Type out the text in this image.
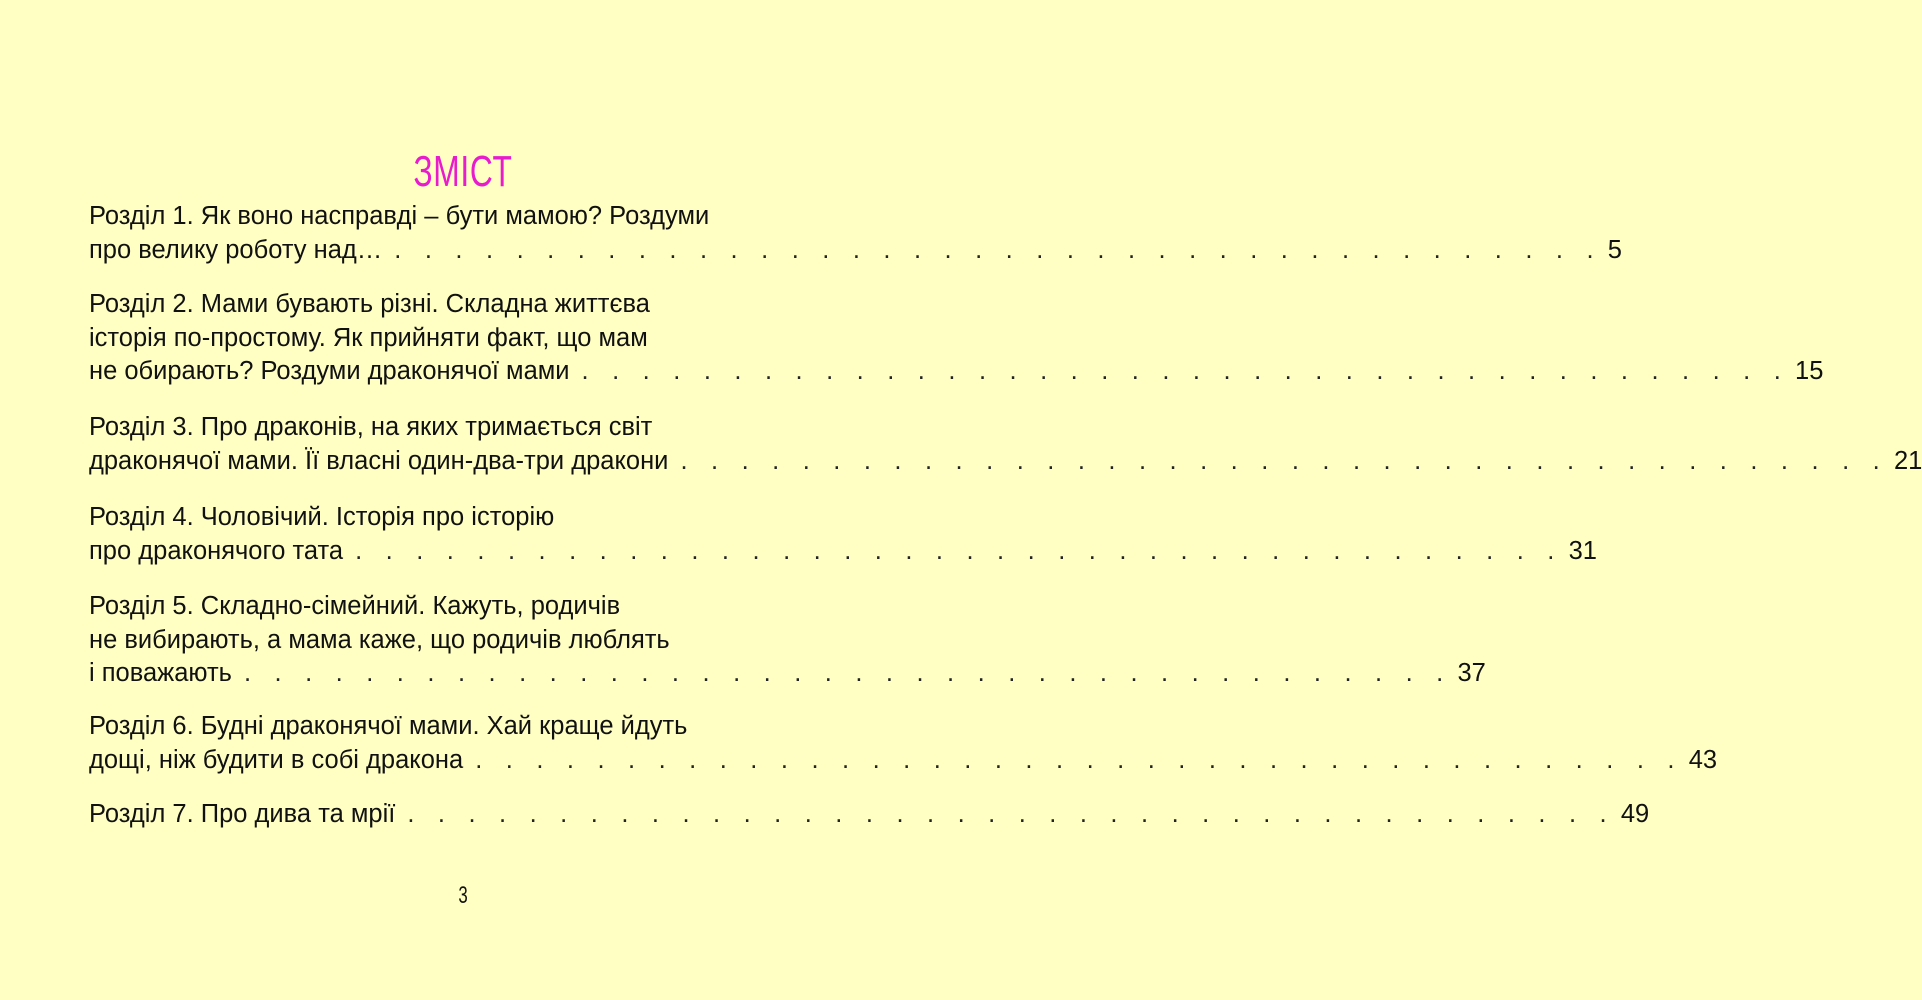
ЗМІСТ
Розділ 1. Як воно насправді – бути мамою? Роздуми
про велику роботу над… . . . . . . . . . . . . . . . . . . . . . . . . . . . . . . . . . . . . . . . . 5
Розділ 2. Мами бувають різні. Складна життєва
історія по-простому. Як прийняти факт, що мам
не обирають? Роздуми драконячої мами . . . . . . . . . . . . . . . . . . . . . . . . . . . . . . . . . . . . . . . . 15
Розділ 3. Про драконів, на яких тримається світ
драконячої мами. Її власні один-два-три дракони . . . . . . . . . . . . . . . . . . . . . . . . . . . . . . . . . . . . . . . . 21
Розділ 4. Чоловічий. Історія про історію
про драконячого тата . . . . . . . . . . . . . . . . . . . . . . . . . . . . . . . . . . . . . . . . 31
Розділ 5. Складно-сімейний. Кажуть, родичів
не вибирають, а мама каже, що родичів люблять
і поважають . . . . . . . . . . . . . . . . . . . . . . . . . . . . . . . . . . . . . . . . 37
Розділ 6. Будні драконячої мами. Хай краще йдуть
дощі, ніж будити в собі дракона . . . . . . . . . . . . . . . . . . . . . . . . . . . . . . . . . . . . . . . . 43
Розділ 7. Про дива та мрії . . . . . . . . . . . . . . . . . . . . . . . . . . . . . . . . . . . . . . . . 49
3
